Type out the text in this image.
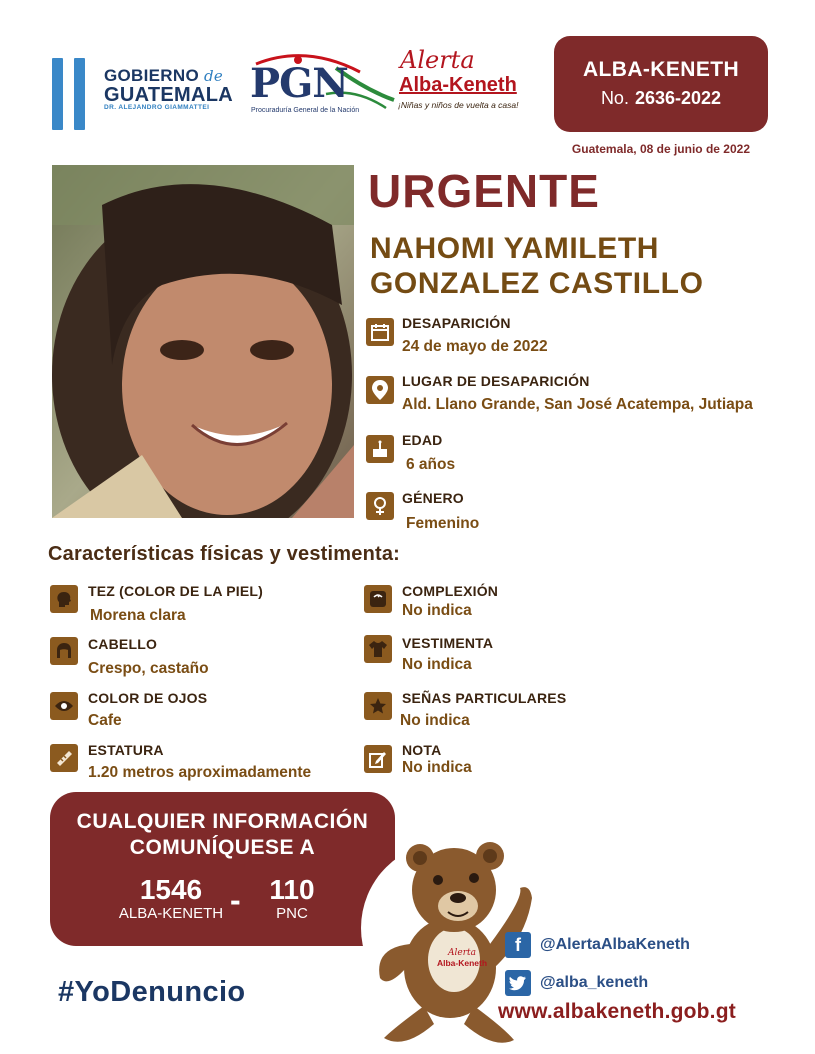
GOBIERNO de
GUATEMALA
DR. ALEJANDRO GIAMMATTEI
PGN
Procuraduría General de la Nación
Alerta
Alba-Keneth
¡Niñas y niños de vuelta a casa!
ALBA-KENETH
No. 2636-2022
Guatemala, 08 de junio de 2022
URGENTE
NAHOMI YAMILETH
GONZALEZ CASTILLO
DESAPARICIÓN
24 de mayo de 2022
LUGAR DE DESAPARICIÓN
Ald. Llano Grande, San José Acatempa, Jutiapa
EDAD
6 años
GÉNERO
Femenino
Características físicas y vestimenta:
TEZ (COLOR DE LA PIEL)
Morena clara
CABELLO
Crespo, castaño
COLOR DE OJOS
Cafe
ESTATURA
1.20 metros aproximadamente
COMPLEXIÓN
No indica
VESTIMENTA
No indica
SEÑAS PARTICULARES
No indica
NOTA
No indica
CUALQUIER INFORMACIÓN
COMUNÍQUESE A
1546
ALBA-KENETH -	110
PNC
#YoDenuncio
Alerta
Alba-Keneth
f	@AlertaAlbaKeneth
@alba_keneth
www.albakeneth.gob.gt
